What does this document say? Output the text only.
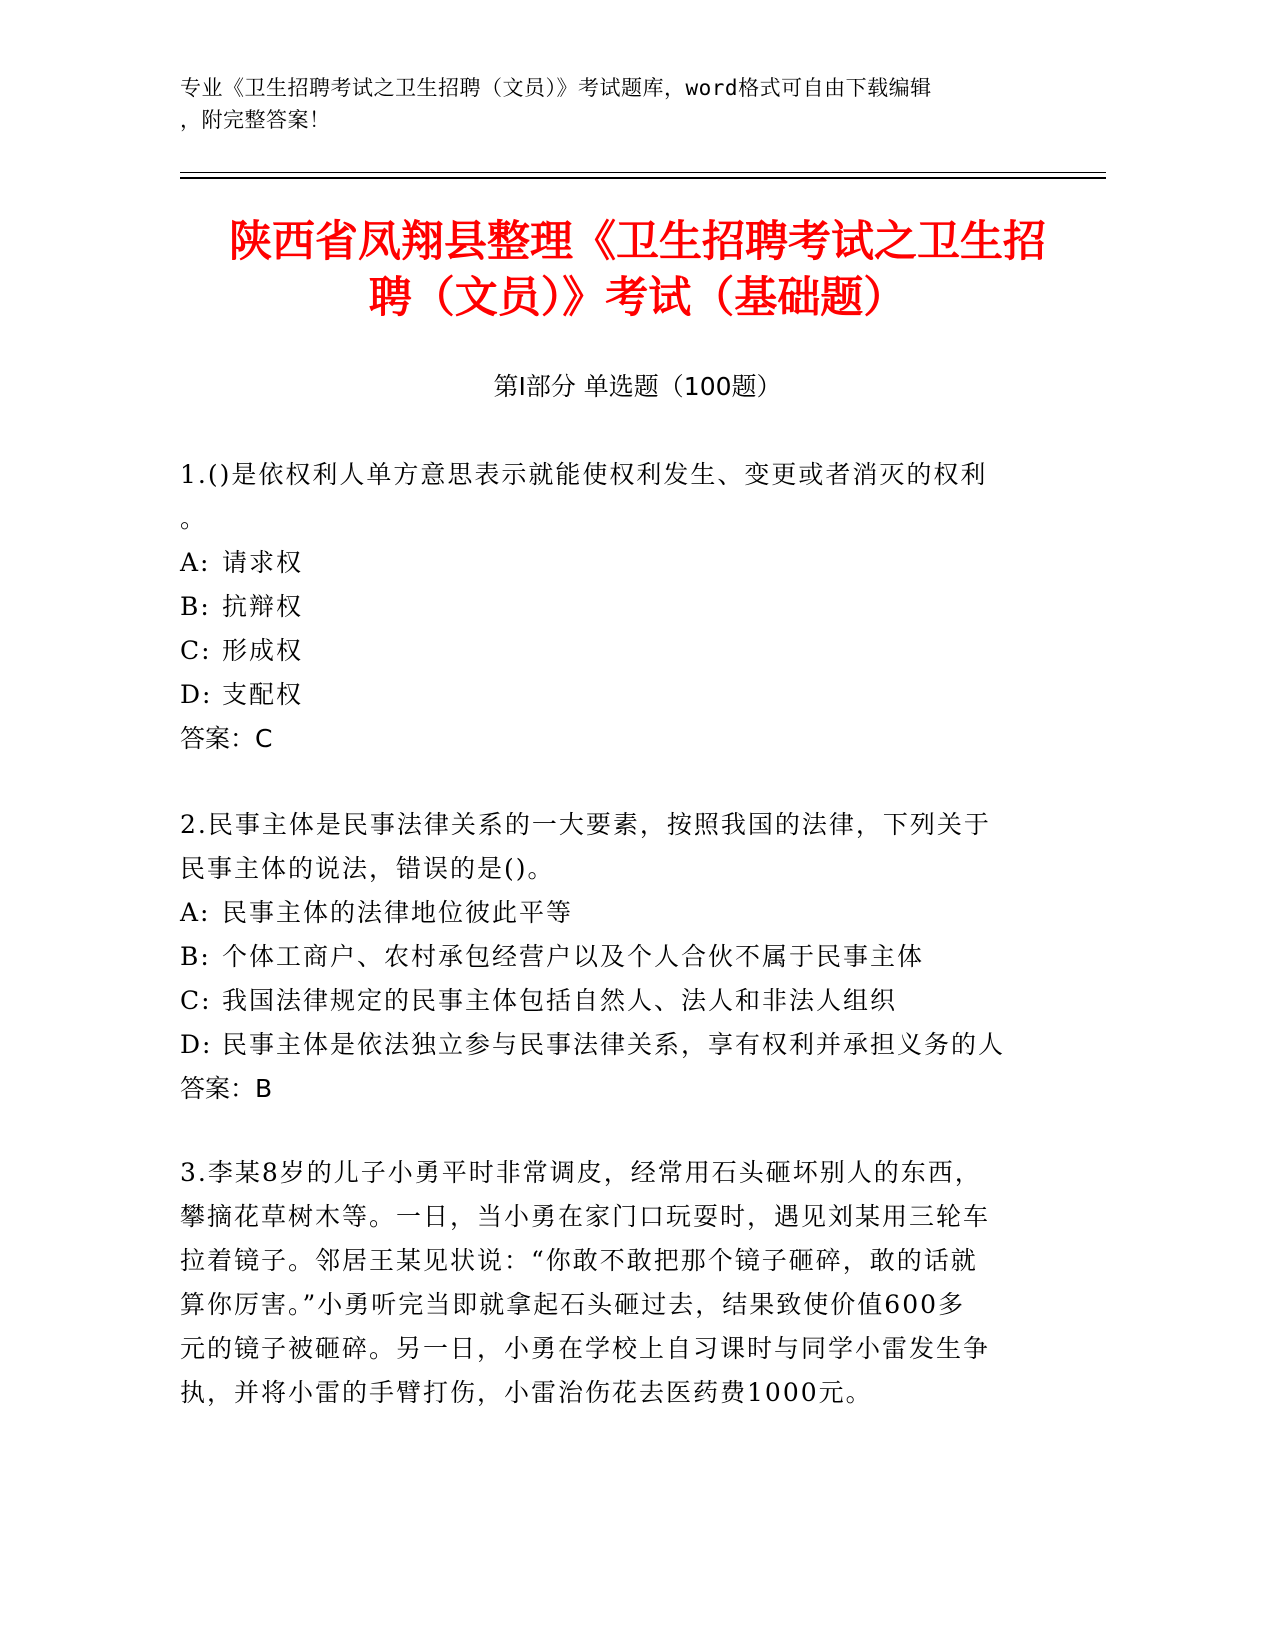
专业《卫生招聘考试之卫生招聘（文员）》考试题库，word格式可自由下载编辑
，附完整答案！
陕西省凤翔县整理《卫生招聘考试之卫生招
聘（文员）》考试（基础题）
第Ⅰ部分 单选题（100题）

1.()是依权利人单方意思表示就能使权利发生、变更或者消灭的权利

。

A: 请求权

B: 抗辩权

C: 形成权

D: 支配权

答案：C

2.民事主体是民事法律关系的一大要素，按照我国的法律，下列关于

民事主体的说法，错误的是()。

A: 民事主体的法律地位彼此平等

B: 个体工商户、农村承包经营户以及个人合伙不属于民事主体

C: 我国法律规定的民事主体包括自然人、法人和非法人组织

D: 民事主体是依法独立参与民事法律关系，享有权利并承担义务的人

答案：B

3.李某8岁的儿子小勇平时非常调皮，经常用石头砸坏别人的东西，

攀摘花草树木等。一日，当小勇在家门口玩耍时，遇见刘某用三轮车

拉着镜子。邻居王某见状说：“你敢不敢把那个镜子砸碎，敢的话就

算你厉害。”小勇听完当即就拿起石头砸过去，结果致使价值600多

元的镜子被砸碎。另一日，小勇在学校上自习课时与同学小雷发生争

执，并将小雷的手臂打伤，小雷治伤花去医药费1000元。
